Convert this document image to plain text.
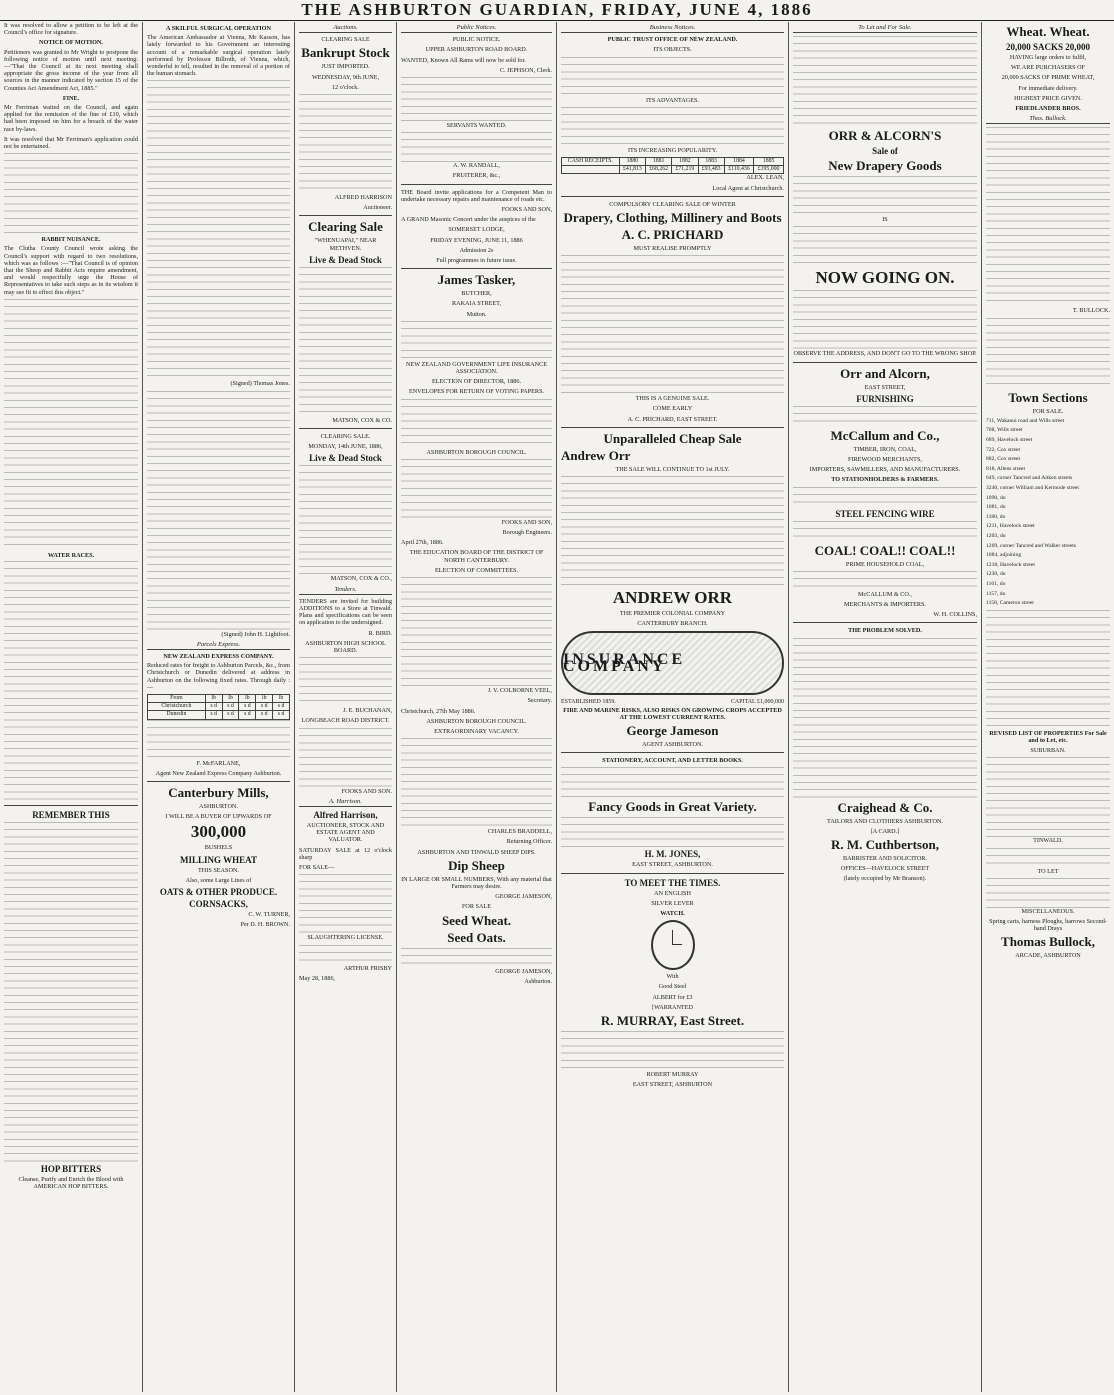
THE ASHBURTON GUARDIAN, FRIDAY, JUNE 4, 1886

It was resolved to allow a petition to be left at the Council's office for signature.

NOTICE OF MOTION.

Petitioners was granted to Mr Wright to postpone the following notice of motion until next meeting:—"That the Council at its next meeting shall appropriate the gross income of the year from all sources in the manner indicated by section 15 of the Counties Act Amendment Act, 1885."

FINE.

Mr Ferriman waited on the Council, and again applied for the remission of the fine of £10, which had been imposed on him for a breach of the water race by-laws.

It was resolved that Mr Ferriman's application could not be entertained.

RABBIT NUISANCE.

The Clutha County Council wrote asking the Council's support with regard to two resolutions, which was as follows :—"That Council is of opinion that the Sheep and Rabbit Acts require amendment, and would respectfully urge the House of Representatives to take such steps as in its wisdom it may see fit to effect this object."

WATER RACES.
REMEMBER THIS
HOP BITTERS

Cleanse, Purify and Enrich the Blood with AMERICAN HOP BITTERS.

A SKILFUL SURGICAL OPERATION

The American Ambassador at Vienna, Mr Kasson, has lately forwarded to his Government an interesting account of a remarkable surgical operation lately performed by Professor Billroth, of Vienna, which, wonderful to tell, resulted in the removal of a portion of the human stomach.

(Signed) Thomas Jones.

(Signed) John H. Lightfoot.

Parcels Express.
NEW ZEALAND EXPRESS COMPANY.

Reduced rates for freight to Ashburton Parcels, &c., from Christchurch or Dunedin delivered at address in Ashburton on the following fixed rates. Through daily :—

From	lb	lb	lb	lb	lb
Christchurch	s d	s d	s d	s d	s d
Dunedin	s d	s d	s d	s d	s d

F. McFARLANE,

Agent New Zealand Express Company Ashburton.

Canterbury Mills,

ASHBURTON.

I WILL BE A BUYER OF UPWARDS OF

300,000

BUSHELS

MILLING WHEAT

THIS SEASON.

Also, some Large Lines of

OATS & OTHER PRODUCE.
CORNSACKS,

C. W. TURNER,

Per D. H. BROWN.

Auctions.

CLEARING SALE

Bankrupt Stock

JUST IMPORTED.

WEDNESDAY, 9th JUNE,

12 o'clock.

ALFRED HARRISON

Auctioneer.

Clearing Sale

"WHENUAPAI," NEAR METHVEN.

Live & Dead Stock

MATSON, COX & CO.

CLEARING SALE.

MONDAY, 14th JUNE, 1886,

Live & Dead Stock

MATSON, COX & CO.,

Tenders.

TENDERS are invited for building ADDITIONS to a Store at Tinwald. Plans and specifications can be seen on application to the undersigned.

R. BIRD.

ASHBURTON HIGH SCHOOL BOARD.

J. E. BUCHANAN,

LONGBEACH ROAD DISTRICT.

FOOKS AND SON.

A. Harrison.
Alfred Harrison,

AUCTIONEER, STOCK AND ESTATE AGENT AND VALUATOR.

SATURDAY SALE at 12 o'clock sharp

FOR SALE—

SLAUGHTERING LICENSE.

ARTHUR FRISBY

May 28, 1886,

Public Notices.

PUBLIC NOTICE.

UPPER ASHBURTON ROAD BOARD.

WANTED, Known All Rams will now be sold for.

C. JEPHSON, Clerk.

SERVANTS WANTED.

A. W. RANDALL,

FRUITERER, &c.,

THE Board invite applications for a Competent Man to undertake necessary repairs and maintenance of roads etc.

FOOKS AND SON,

A GRAND Masonic Concert under the auspices of the

SOMERSET LODGE,

FRIDAY EVENING, JUNE 11, 1886

Admission 2s

Full programmes in future issue.

James Tasker,

BUTCHER,

RAKAIA STREET,

Mutton.

NEW ZEALAND GOVERNMENT LIFE INSURANCE ASSOCIATION.

ELECTION OF DIRECTOR, 1886.

ENVELOPES FOR RETURN OF VOTING PAPERS.

ASHBURTON BOROUGH COUNCIL.

FOOKS AND SON,

Borough Engineers.

April 27th, 1886.

THE EDUCATION BOARD OF THE DISTRICT OF NORTH CANTERBURY.

ELECTION OF COMMITTEES.

J. V. COLBORNE VEEL,

Secretary.

Christchurch, 27th May 1886.

ASHBURTON BOROUGH COUNCIL.

EXTRAORDINARY VACANCY.

CHARLES BRADDELL,

Returning Officer.

ASHBURTON AND TINWALD SHEEP DIPS.

Dip Sheep

IN LARGE OR SMALL NUMBERS, With any material that Farmers may desire.

GEORGE JAMESON,

FOR SALE

Seed Wheat.
Seed Oats.

GEORGE JAMESON,

Ashburton.

Business Notices.

PUBLIC TRUST OFFICE OF NEW ZEALAND.

ITS OBJECTS.

ITS ADVANTAGES.

ITS INCREASING POPULARITY.

CASH RECEIPTS.	1880	1881	1882	1883	1884	1885
	£41,813	£68,262	£71,219	£93,483	£110,436	£195,000

ALEX. LEAN,

Local Agent at Christchurch.

COMPULSORY CLEARING SALE OF WINTER

Drapery, Clothing, Millinery and Boots
A. C. PRICHARD

MUST REALISE PROMPTLY

THIS IS A GENUINE SALE.

COME EARLY

A. C. PRICHARD, EAST STREET.

Unparalleled Cheap Sale
Andrew Orr

THE SALE WILL CONTINUE TO 1st JULY.

ANDREW ORR

THE PREMIER COLONIAL COMPANY

CANTERBURY BRANCH.

INSURANCE COMPANY
ESTABLISHED 1859.	CAPITAL £1,000,000

FIRE AND MARINE RISKS, ALSO RISKS ON GROWING CROPS ACCEPTED AT THE LOWEST CURRENT RATES.

George Jameson

AGENT ASHBURTON.

STATIONERY, ACCOUNT, AND LETTER BOOKS.

Fancy Goods in Great Variety.
H. M. JONES,

EAST STREET, ASHBURTON.

TO MEET THE TIMES.

AN ENGLISH

SILVER LEVER

WATCH.

With

Good Steel

ALBERT for £3

[WARRANTED

R. MURRAY, East Street.

ROBERT MURRAY

EAST STREET, ASHBURTON

To Let and For Sale.
ORR & ALCORN'S
Sale of
New Drapery Goods

IS

NOW GOING ON.

OBSERVE THE ADDRESS, AND DON'T GO TO THE WRONG SHOP.

Orr and Alcorn,

EAST STREET,

FURNISHING
McCallum and Co.,

TIMBER, IRON, COAL,

FIREWOOD MERCHANTS,

IMPORTERS, SAWMILLERS, AND MANUFACTURERS.

TO STATIONHOLDERS & FARMERS.

STEEL FENCING WIRE
COAL! COAL!! COAL!!

PRIME HOUSEHOLD COAL,

McCALLUM & CO.,

MERCHANTS & IMPORTERS.

W. H. COLLINS,

THE PROBLEM SOLVED.

Craighead & Co.

TAILORS AND CLOTHIERS ASHBURTON.

[A CARD.]

R. M. Cuthbertson,

BARRISTER AND SOLICITOR.

OFFICES—HAVELOCK STREET

(lately occupied by Mr Branson).

Wheat. Wheat.
20,000 SACKS 20,000

HAVING large orders to fulfil,

WE ARE PURCHASERS OF

20,000 SACKS OF PRIME WHEAT,

For immediate delivery.

HIGHEST PRICE GIVEN.

FRIEDLANDER BROS.

Thos. Bullock.

T. BULLOCK.

Town Sections

FOR SALE.

711, Wakanui road and Wills street

708, Wills street

689, Havelock street

722, Cox street

882, Cox street

818, Allens street

649, corner Tancred and Aitken streets

3240, corner William and Kermode street

1090, do

1081, do

1180, do

1211, Havelock street

1203, do

1269, corner Tancred and Walker streets

1084, adjoining

1218, Havelock street

1230, do

1161, do

1157, do

1158, Cameron street

REVISED LIST OF PROPERTIES For Sale and to Let, etc.

SUBURBAN.

TINWALD.

TO LET

MISCELLANEOUS.

Spring carts, harness Ploughs, harrows Second-hand Drays

Thomas Bullock,

ARCADE, ASHBURTON
